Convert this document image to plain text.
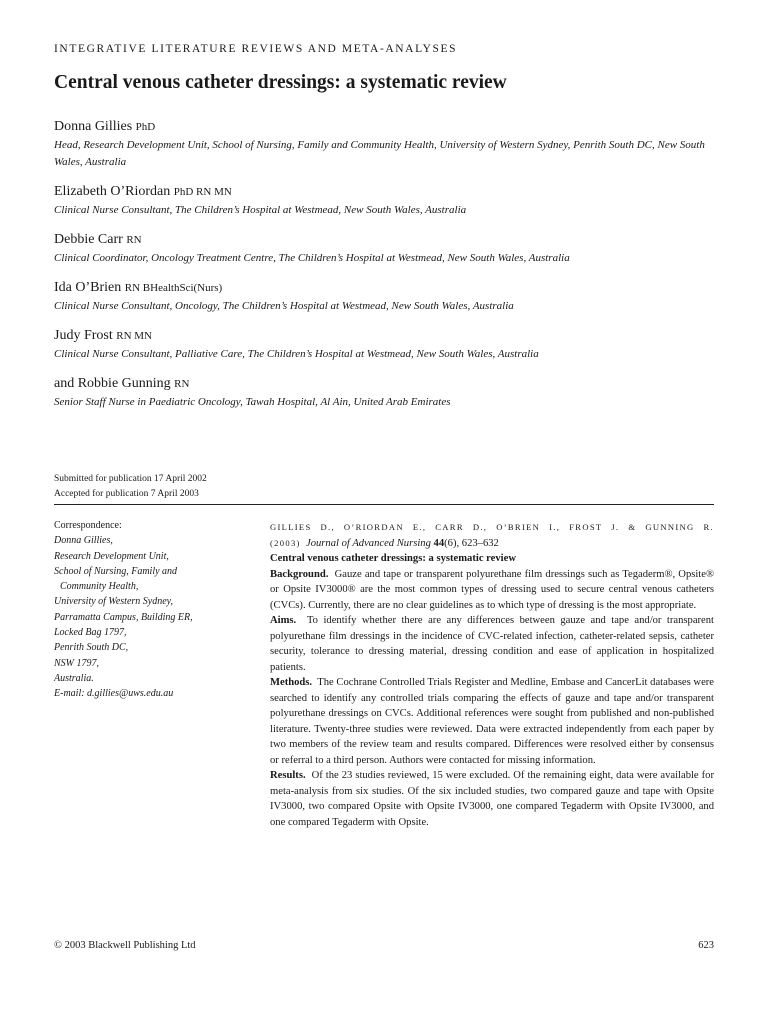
INTEGRATIVE LITERATURE REVIEWS AND META-ANALYSES
Central venous catheter dressings: a systematic review
Donna Gillies PhD
Head, Research Development Unit, School of Nursing, Family and Community Health, University of Western Sydney, Penrith South DC, New South Wales, Australia
Elizabeth O’Riordan PhD RN MN
Clinical Nurse Consultant, The Children’s Hospital at Westmead, New South Wales, Australia
Debbie Carr RN
Clinical Coordinator, Oncology Treatment Centre, The Children’s Hospital at Westmead, New South Wales, Australia
Ida O’Brien RN BHealthSci(Nurs)
Clinical Nurse Consultant, Oncology, The Children’s Hospital at Westmead, New South Wales, Australia
Judy Frost RN MN
Clinical Nurse Consultant, Palliative Care, The Children’s Hospital at Westmead, New South Wales, Australia
and Robbie Gunning RN
Senior Staff Nurse in Paediatric Oncology, Tawah Hospital, Al Ain, United Arab Emirates
Submitted for publication 17 April 2002
Accepted for publication 7 April 2003
Correspondence:
Donna Gillies,
Research Development Unit,
School of Nursing, Family and
Community Health,
University of Western Sydney,
Parramatta Campus, Building ER,
Locked Bag 1797,
Penrith South DC,
NSW 1797,
Australia.
E-mail: d.gillies@uws.edu.au

GILLIES D., O’RIORDAN E., CARR D., O’BRIEN I., FROST J. & GUNNING R. (2003) Journal of Advanced Nursing 44(6), 623–632

Central venous catheter dressings: a systematic review

Background. Gauze and tape or transparent polyurethane film dressings such as Tegaderm®, Opsite® or Opsite IV3000® are the most common types of dressing used to secure central venous catheters (CVCs). Currently, there are no clear guidelines as to which type of dressing is the most appropriate.

Aims. To identify whether there are any differences between gauze and tape and/or transparent polyurethane film dressings in the incidence of CVC-related infection, catheter-related sepsis, catheter security, tolerance to dressing material, dressing condition and ease of application in hospitalized patients.

Methods. The Cochrane Controlled Trials Register and Medline, Embase and CancerLit databases were searched to identify any controlled trials comparing the effects of gauze and tape and/or transparent polyurethane dressings on CVCs. Additional references were sought from published and non-published literature. Twenty-three studies were reviewed. Data were extracted independently from each paper by two members of the review team and results compared. Differences were resolved either by consensus or referral to a third person. Authors were contacted for missing information.

Results. Of the 23 studies reviewed, 15 were excluded. Of the remaining eight, data were available for meta-analysis from six studies. Of the six included studies, two compared gauze and tape with Opsite IV3000, two compared Opsite with Opsite IV3000, one compared Tegaderm with Opsite IV3000, and one compared Tegaderm with Opsite.

© 2003 Blackwell Publishing Ltd	623
